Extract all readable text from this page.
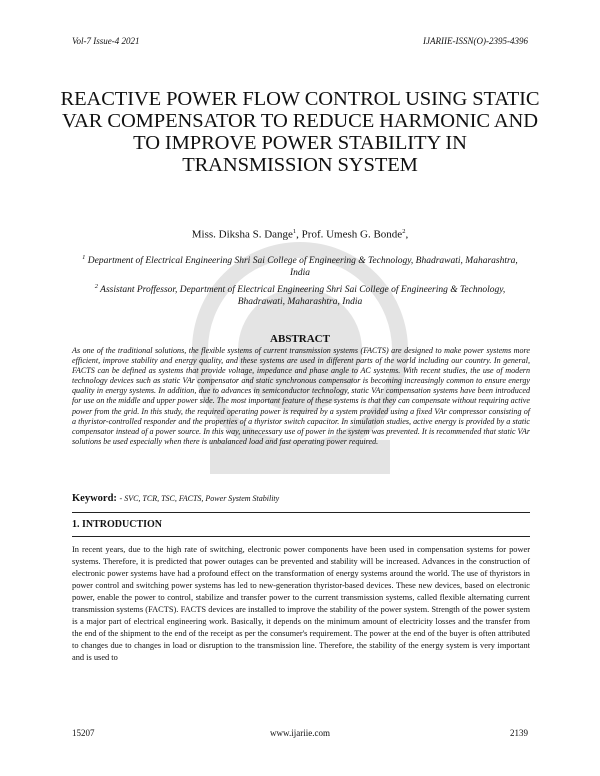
Vol-7 Issue-4 2021	IJARIIE-ISSN(O)-2395-4396
REACTIVE POWER FLOW CONTROL USING STATIC VAR COMPENSATOR TO REDUCE HARMONIC AND TO IMPROVE POWER STABILITY IN TRANSMISSION SYSTEM
Miss. Diksha S. Dange$^1$, Prof. Umesh G. Bonde$^2$,
$^1$ Department of Electrical Engineering Shri Sai College of Engineering & Technology, Bhadrawati, Maharashtra, India
$^2$ Assistant Proffessor, Department of Electrical Engineering Shri Sai College of Engineering & Technology, Bhadrawati, Maharashtra, India
ABSTRACT

As one of the traditional solutions, the flexible systems of current transmission systems (FACTS) are designed to make power systems more efficient, improve stability and energy quality, and these systems are used in different parts of the world including our country. In general, FACTS can be defined as systems that provide voltage, impedance and phase angle to AC systems. With recent studies, the use of modern technology devices such as static VAr compensator and static synchronous compensator is becoming increasingly common to ensure energy quality in energy systems. In addition, due to advances in semiconductor technology, static VAr compensation systems have been introduced for use on the middle and upper power side. The most important feature of these systems is that they can compensate without requiring active power from the grid. In this study, the required operating power is required by a system provided using a fixed VAr compressor consisting of a thyristor-controlled responder and the properties of a thyristor switch capacitor. In simulation studies, active energy is provided by a static compensator instead of a power source. In this way, unnecessary use of power in the system was prevented. It is recommended that static VAr solutions be used especially when there is unbalanced load and fast operating power required.

Keyword: - SVC, TCR, TSC, FACTS, Power System Stability
1. INTRODUCTION

In recent years, due to the high rate of switching, electronic power components have been used in compensation systems for power systems. Therefore, it is predicted that power outages can be prevented and stability will be increased. Advances in the construction of electronic power systems have had a profound effect on the transformation of energy systems around the world. The use of thyristors in power control and switching power systems has led to new-generation thyristor-based devices. These new devices, based on electronic power, enable the power to control, stabilize and transfer power to the current transmission systems, called flexible alternating current transmission systems (FACTS). FACTS devices are installed to improve the stability of the power system. Strength of the power system is a major part of electrical engineering work. Basically, it depends on the minimum amount of electricity losses and the transfer from the end of the shipment to the end of the receipt as per the consumer's requirement. The power at the end of the buyer is often attributed to changes due to changes in load or disruption to the transmission line. Therefore, the stability of the energy system is very important and is used to

15207	www.ijariie.com	2139
